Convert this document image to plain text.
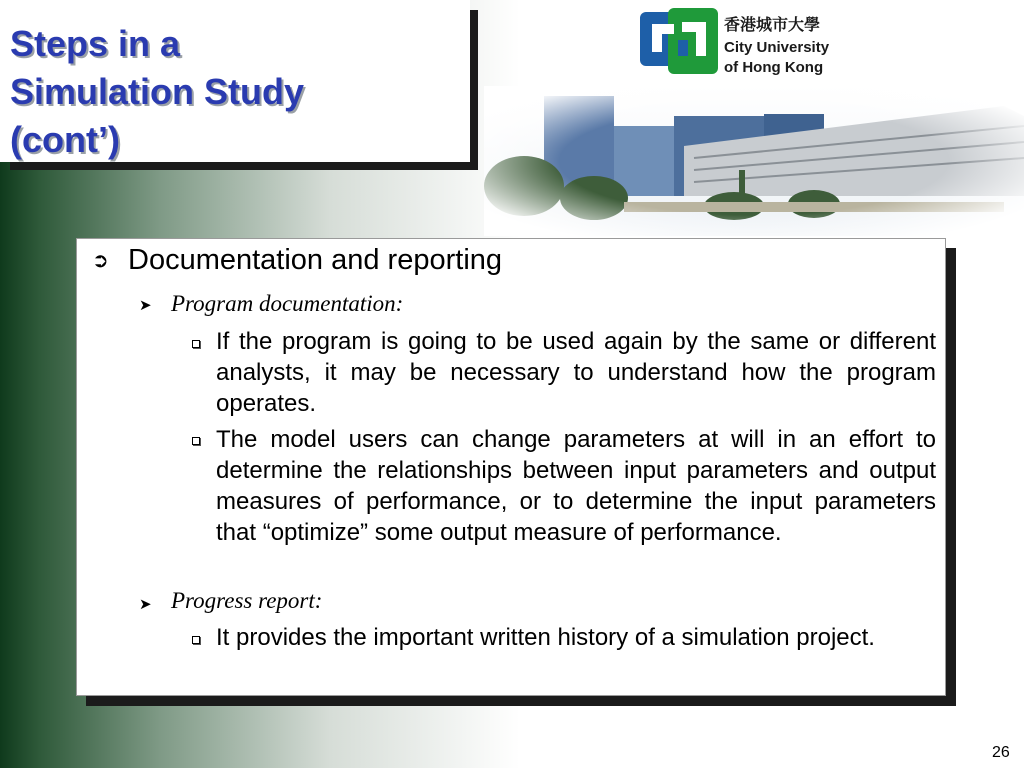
Steps in a
Simulation Study
(cont’)
香港城市大學
City University
of Hong Kong
➲ Documentation and reporting

➤ Program documentation:

If the program is going to be used again by the same or different analysts, it may be necessary to understand how the program operates.

The model users can change parameters at will in an effort to determine the relationships between input parameters and output measures of performance, or to determine the input parameters that “optimize” some output measure of performance.

➤ Progress report:

It provides the important written history of a simulation project.

26
